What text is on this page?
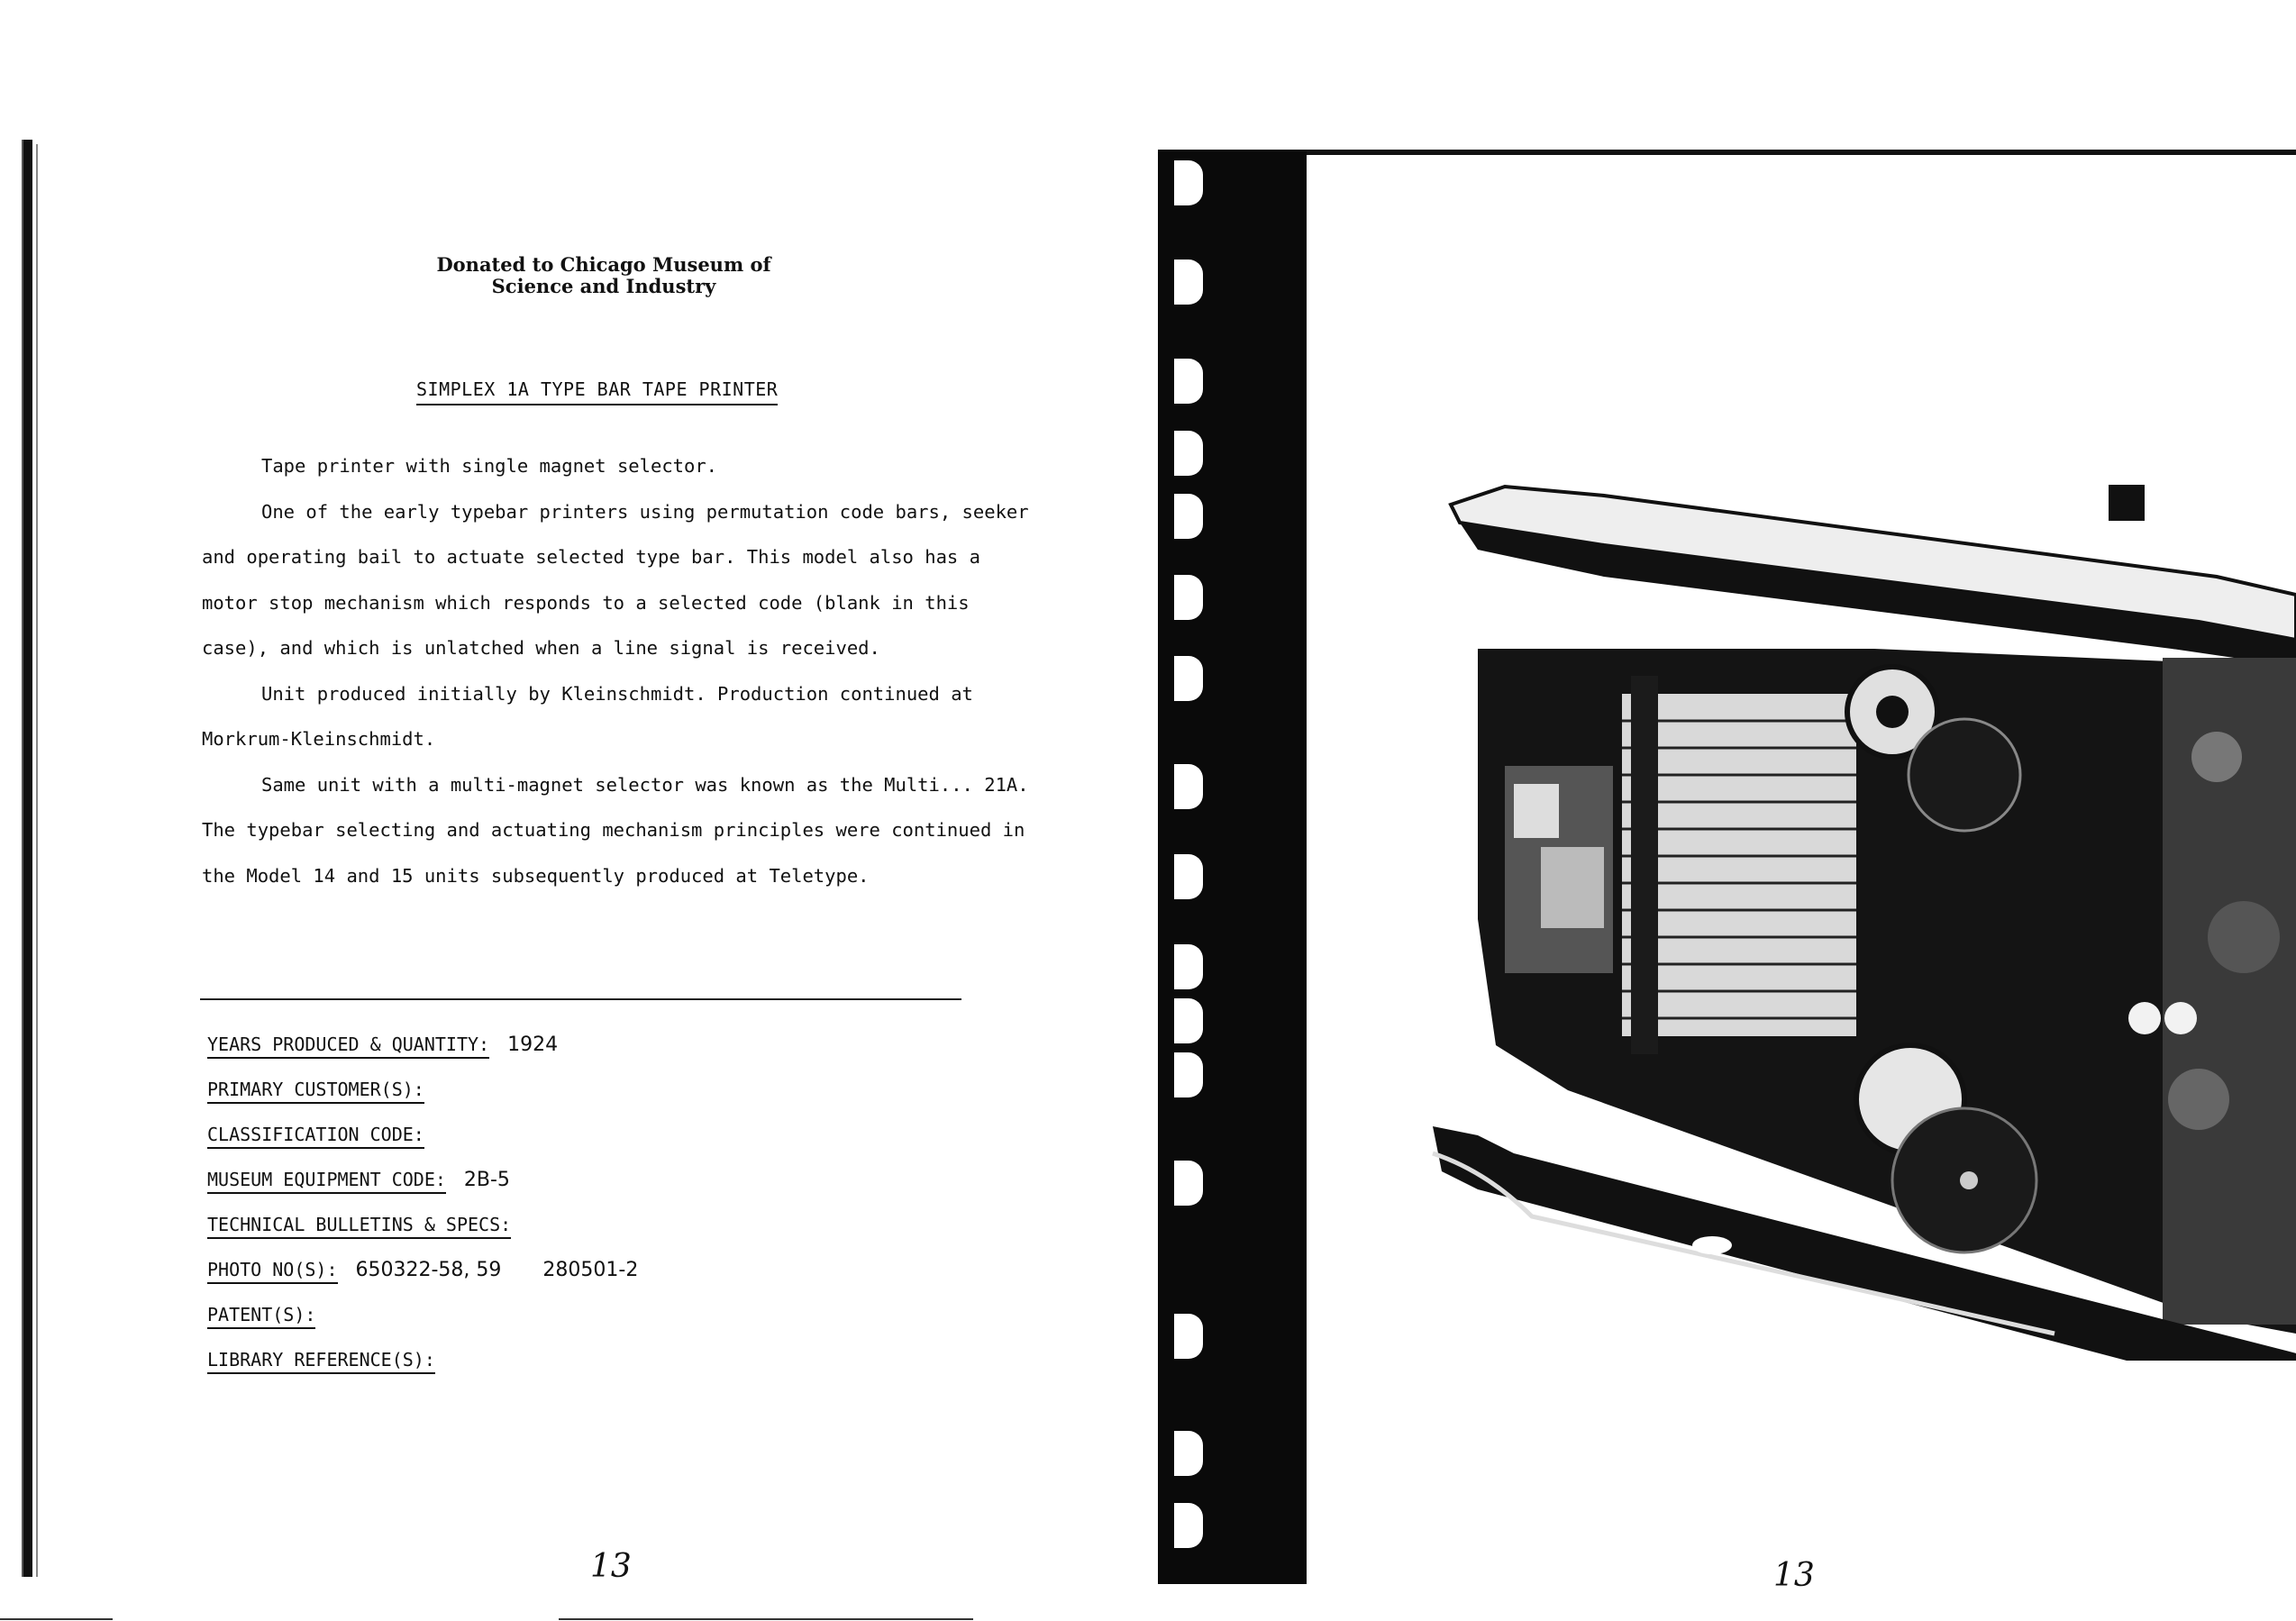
Donated to Chicago Museum of
Science and Industry
SIMPLEX 1A TYPE BAR TAPE PRINTER

Tape printer with single magnet selector.

One of the early typebar printers using permutation code bars, seeker and operating bail to actuate selected type bar. This model also has a motor stop mechanism which responds to a selected code (blank in this case), and which is unlatched when a line signal is received.

Unit produced initially by Kleinschmidt. Production continued at Morkrum-Kleinschmidt.

Same unit with a multi-magnet selector was known as the Multi... 21A. The typebar selecting and actuating mechanism principles were continued in the Model 14 and 15 units subsequently produced at Teletype.

YEARS PRODUCED & QUANTITY: 1924
PRIMARY CUSTOMER(S):
CLASSIFICATION CODE:
MUSEUM EQUIPMENT CODE: 2B-5
TECHNICAL BULLETINS & SPECS:
PHOTO NO(S): 650322-58, 59 280501-2
PATENT(S):
LIBRARY REFERENCE(S):
13	13
